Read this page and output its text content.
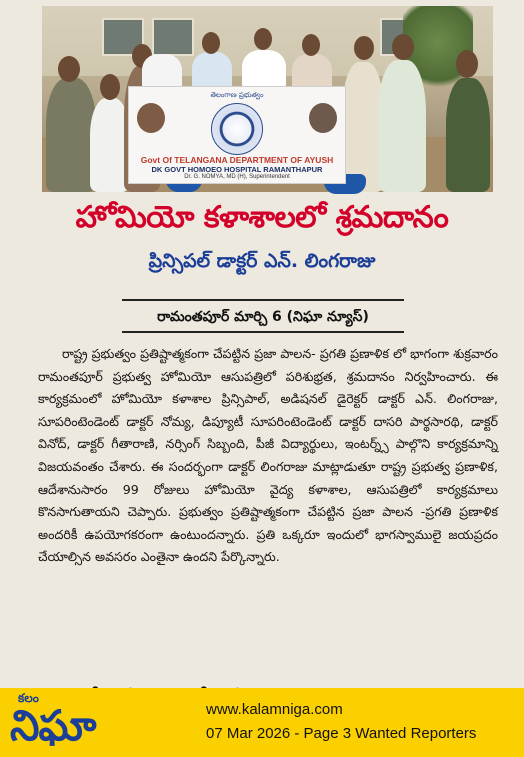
తెలంగాణ ప్రభుత్వం
Govt Of TELANGANA DEPARTMENT OF AYUSH
DK GOVT HOMOEO HOSPITAL RAMANTHAPUR
Dr. G. NOMYA, MD (H), Superintendent
హోమియో కళాశాలలో శ్రమదానం
ప్రిన్సిపల్ డాక్టర్ ఎన్. లింగరాజు
రామంతపూర్ మార్చి 6 (నిఘా న్యూస్)
రాష్ట్ర ప్రభుత్వం ప్రతిష్టాత్మకంగా చేపట్టిన ప్రజా పాలన- ప్రగతి ప్రణాళిక లో భాగంగా శుక్రవారం రామంతపూర్ ప్రభుత్వ హోమియో ఆసుపత్రిలో పరిశుభ్రత, శ్రమదానం నిర్వహించారు. ఈ కార్యక్రమంలో హోమియో కళాశాల ప్రిన్సిపాల్, అడిషనల్ డైరెక్టర్ డాక్టర్ ఎన్. లింగరాజు, సూపరింటెండెంట్ డాక్టర్ నోమ్య, డిప్యూటీ సూపరింటెండెంట్ డాక్టర్ దాసరి పార్థసారథి, డాక్టర్ వినోద్, డాక్టర్ గీతారాణి, నర్సింగ్ సిబ్బంది, పీజీ విద్యార్థులు, ఇంటర్న్స్ పాల్గొని కార్యక్రమాన్ని విజయవంతం చేశారు. ఈ సందర్భంగా డాక్టర్ లింగరాజు మాట్లాడుతూ రాష్ట్ర ప్రభుత్వ ప్రణాళిక, ఆదేశానుసారం 99 రోజులు హోమియో వైద్య కళాశాల, ఆసుపత్రిలో కార్యక్రమాలు కొనసాగుతాయని చెప్పారు. ప్రభుత్వం ప్రతిష్టాత్మకంగా చేపట్టిన ప్రజా పాలన -ప్రగతి ప్రణాళిక అందరికీ ఉపయోగకరంగా ఉంటుందన్నారు. ప్రతి ఒక్కరూ ఇందులో భాగస్వాములై జయప్రదం చేయాల్సిన అవసరం ఎంతైనా ఉందని పేర్కొన్నారు.
కలం
నిఘా	www.kalamniga.com
07 Mar 2026 - Page 3 Wanted Reporters
